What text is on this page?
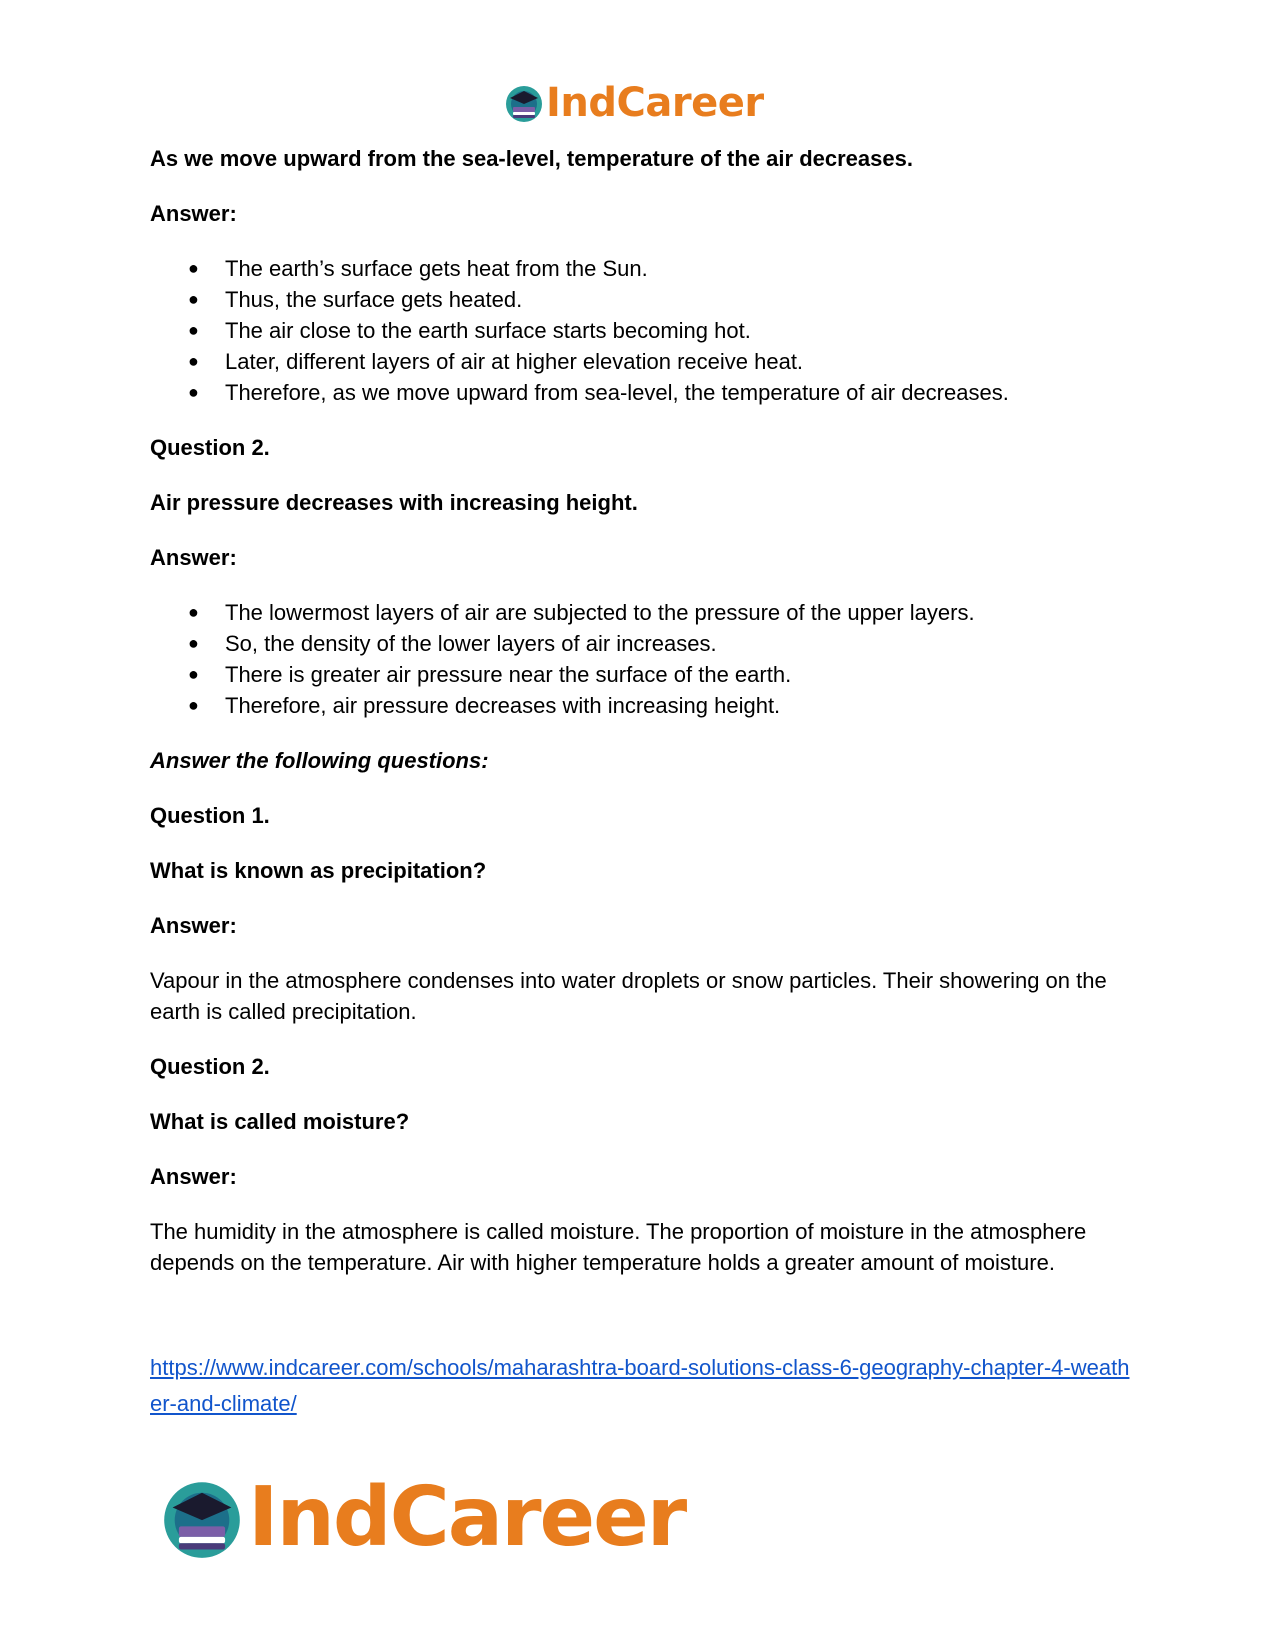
IndCareer

As we move upward from the sea-level, temperature of the air decreases.

Answer:

● The earth’s surface gets heat from the Sun.
● Thus, the surface gets heated.
● The air close to the earth surface starts becoming hot.
● Later, different layers of air at higher elevation receive heat.
● Therefore, as we move upward from sea-level, the temperature of air decreases.

Question 2.

Air pressure decreases with increasing height.

Answer:

● The lowermost layers of air are subjected to the pressure of the upper layers.
● So, the density of the lower layers of air increases.
● There is greater air pressure near the surface of the earth.
● Therefore, air pressure decreases with increasing height.

Answer the following questions:

Question 1.

What is known as precipitation?

Answer:

Vapour in the atmosphere condenses into water droplets or snow particles. Their showering on the earth is called precipitation.

Question 2.

What is called moisture?

Answer:

The humidity in the atmosphere is called moisture. The proportion of moisture in the atmosphere depends on the temperature. Air with higher temperature holds a greater amount of moisture.

https://www.indcareer.com/schools/maharashtra-board-solutions-class-6-geography-chapter-4-weather-and-climate/
IndCareer
